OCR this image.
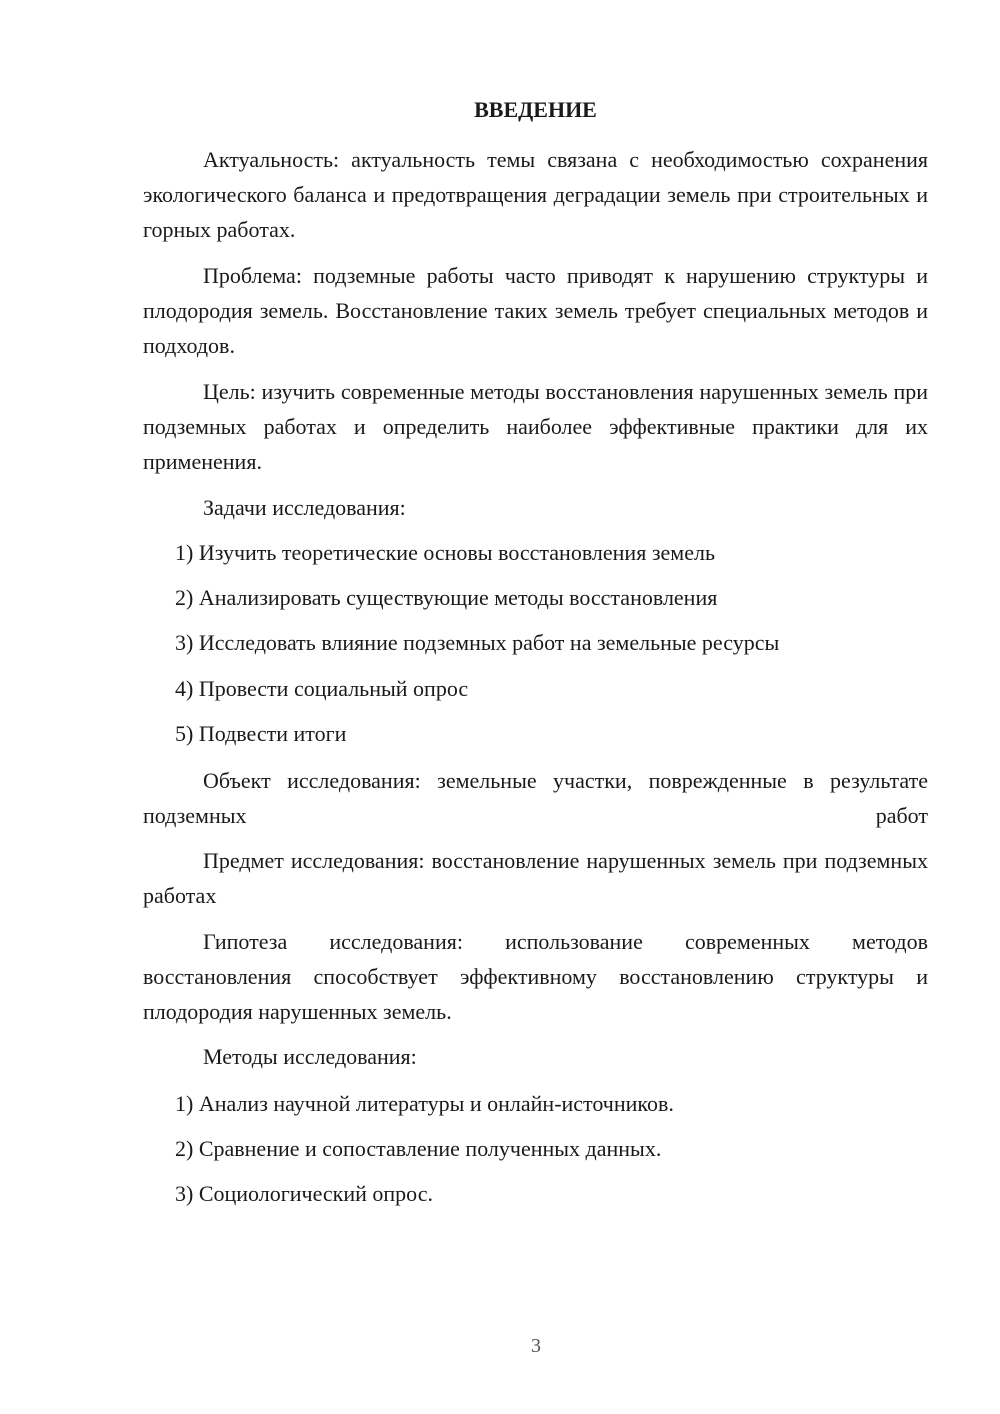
ВВЕДЕНИЕ

Актуальность: актуальность темы связана с необходимостью сохранения экологического баланса и предотвращения деградации земель при строительных и горных работах.

Проблема: подземные работы часто приводят к нарушению структуры и плодородия земель. Восстановление таких земель требует специальных методов и подходов.

Цель: изучить современные методы восстановления нарушенных земель при подземных работах и определить наиболее эффективные практики для их применения.

Задачи исследования:

1) Изучить теоретические основы восстановления земель

2) Анализировать существующие методы восстановления

3) Исследовать влияние подземных работ на земельные ресурсы

4) Провести социальный опрос

5) Подвести итоги

Объект исследования: земельные участки, поврежденные в результате подземных работ

Предмет исследования: восстановление нарушенных земель при подземных работах

Гипотеза исследования: использование современных методов восстановления способствует эффективному восстановлению структуры и плодородия нарушенных земель.

Методы исследования:

1) Анализ научной литературы и онлайн-источников.

2) Сравнение и сопоставление полученных данных.

3) Социологический опрос.

3
